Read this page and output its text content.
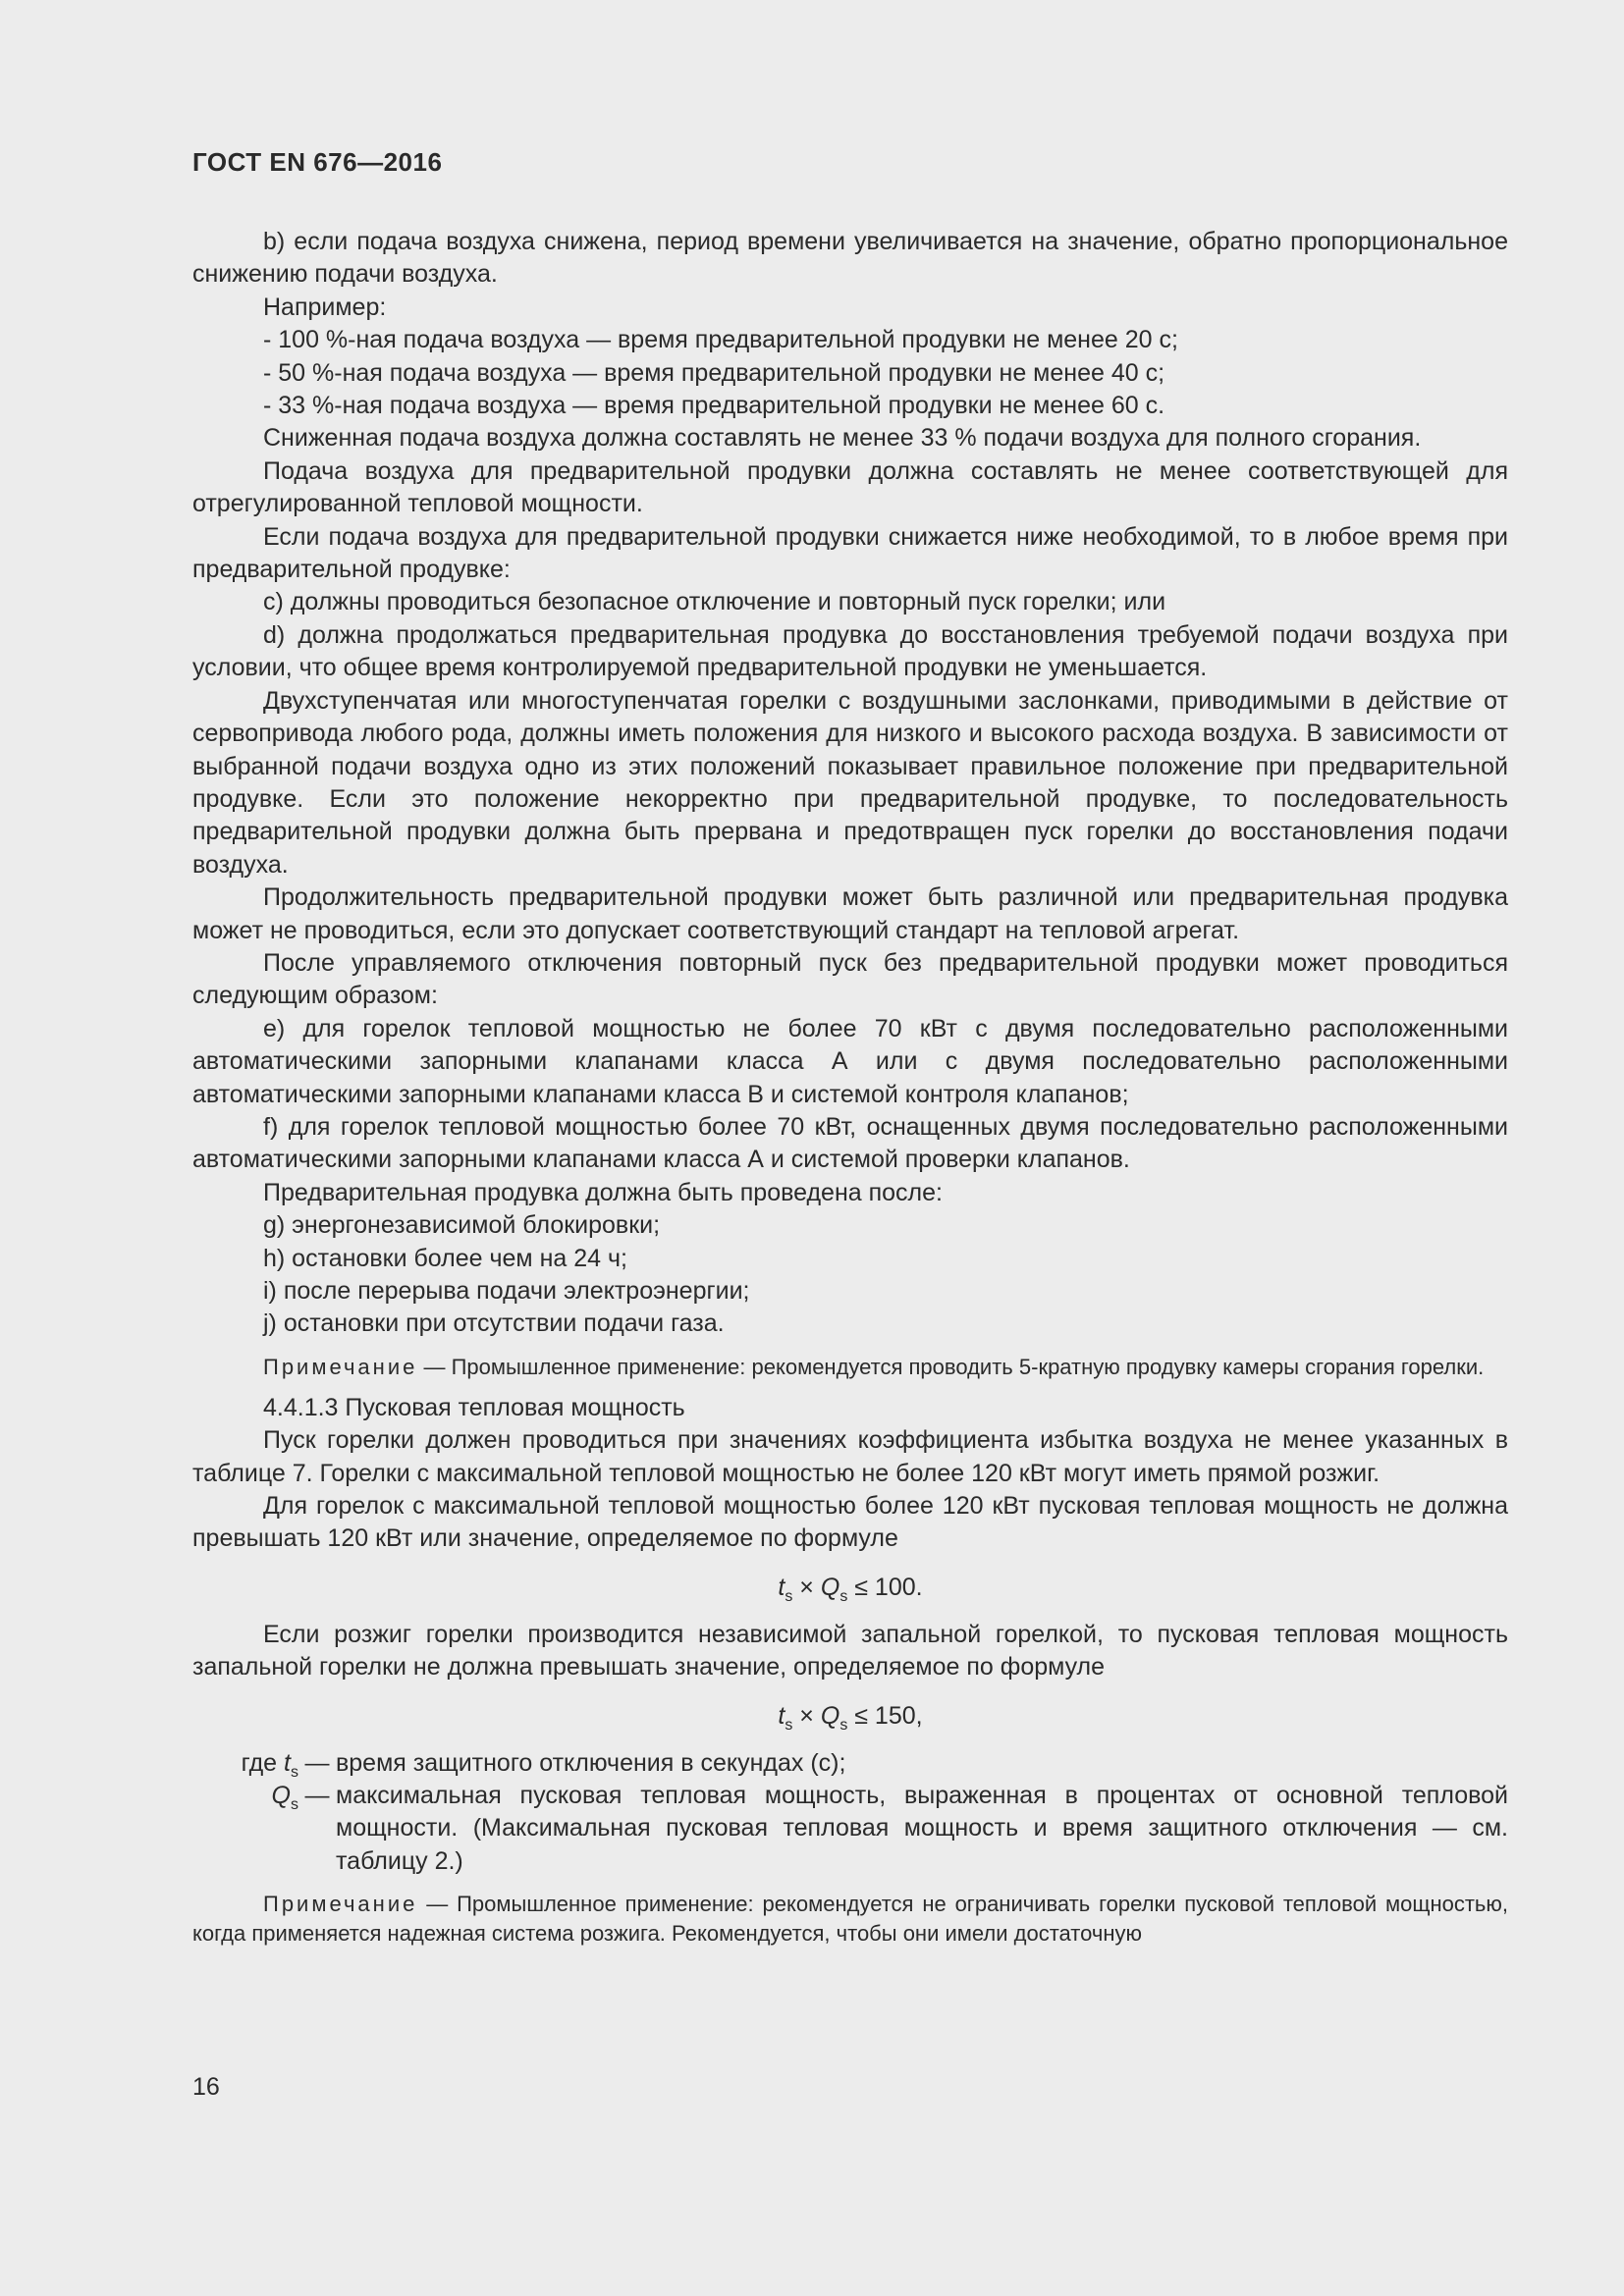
ГОСТ EN 676—2016

b) если подача воздуха снижена, период времени увеличивается на значение, обратно пропорциональное снижению подачи воздуха.

Например:

- 100 %-ная подача воздуха — время предварительной продувки не менее 20 с;

- 50 %-ная подача воздуха — время предварительной продувки не менее 40 с;

- 33 %-ная подача воздуха — время предварительной продувки не менее 60 с.

Сниженная подача воздуха должна составлять не менее 33 % подачи воздуха для полного сгорания.

Подача воздуха для предварительной продувки должна составлять не менее соответствующей для отрегулированной тепловой мощности.

Если подача воздуха для предварительной продувки снижается ниже необходимой, то в любое время при предварительной продувке:

c) должны проводиться безопасное отключение и повторный пуск горелки; или

d) должна продолжаться предварительная продувка до восстановления требуемой подачи воздуха при условии, что общее время контролируемой предварительной продувки не уменьшается.

Двухступенчатая или многоступенчатая горелки с воздушными заслонками, приводимыми в действие от сервопривода любого рода, должны иметь положения для низкого и высокого расхода воздуха. В зависимости от выбранной подачи воздуха одно из этих положений показывает правильное положение при предварительной продувке. Если это положение некорректно при предварительной продувке, то последовательность предварительной продувки должна быть прервана и предотвращен пуск горелки до восстановления подачи воздуха.

Продолжительность предварительной продувки может быть различной или предварительная продувка может не проводиться, если это допускает соответствующий стандарт на тепловой агрегат.

После управляемого отключения повторный пуск без предварительной продувки может проводиться следующим образом:

e) для горелок тепловой мощностью не более 70 кВт с двумя последовательно расположенными автоматическими запорными клапанами класса А или с двумя последовательно расположенными автоматическими запорными клапанами класса В и системой контроля клапанов;

f) для горелок тепловой мощностью более 70 кВт, оснащенных двумя последовательно расположенными автоматическими запорными клапанами класса А и системой проверки клапанов.

Предварительная продувка должна быть проведена после:

g) энергонезависимой блокировки;

h) остановки более чем на 24 ч;

i) после перерыва подачи электроэнергии;

j) остановки при отсутствии подачи газа.

Примечание — Промышленное применение: рекомендуется проводить 5-кратную продувку камеры сгорания горелки.

4.4.1.3 Пусковая тепловая мощность

Пуск горелки должен проводиться при значениях коэффициента избытка воздуха не менее указанных в таблице 7. Горелки с максимальной тепловой мощностью не более 120 кВт могут иметь прямой розжиг.

Для горелок с максимальной тепловой мощностью более 120 кВт пусковая тепловая мощность не должна превышать 120 кВт или значение, определяемое по формуле

$t_s \times Q_s \le 100$.

Если розжиг горелки производится независимой запальной горелкой, то пусковая тепловая мощность запальной горелки не должна превышать значение, определяемое по формуле

$t_s \times Q_s \le 150$,

где $t_s$ — время защитного отключения в секундах (с);
$Q_s$ — максимальная пусковая тепловая мощность, выраженная в процентах от основной тепловой мощности. (Максимальная пусковая тепловая мощность и время защитного отключения — см. таблицу 2.)

Примечание — Промышленное применение: рекомендуется не ограничивать горелки пусковой тепловой мощностью, когда применяется надежная система розжига. Рекомендуется, чтобы они имели достаточную

16
